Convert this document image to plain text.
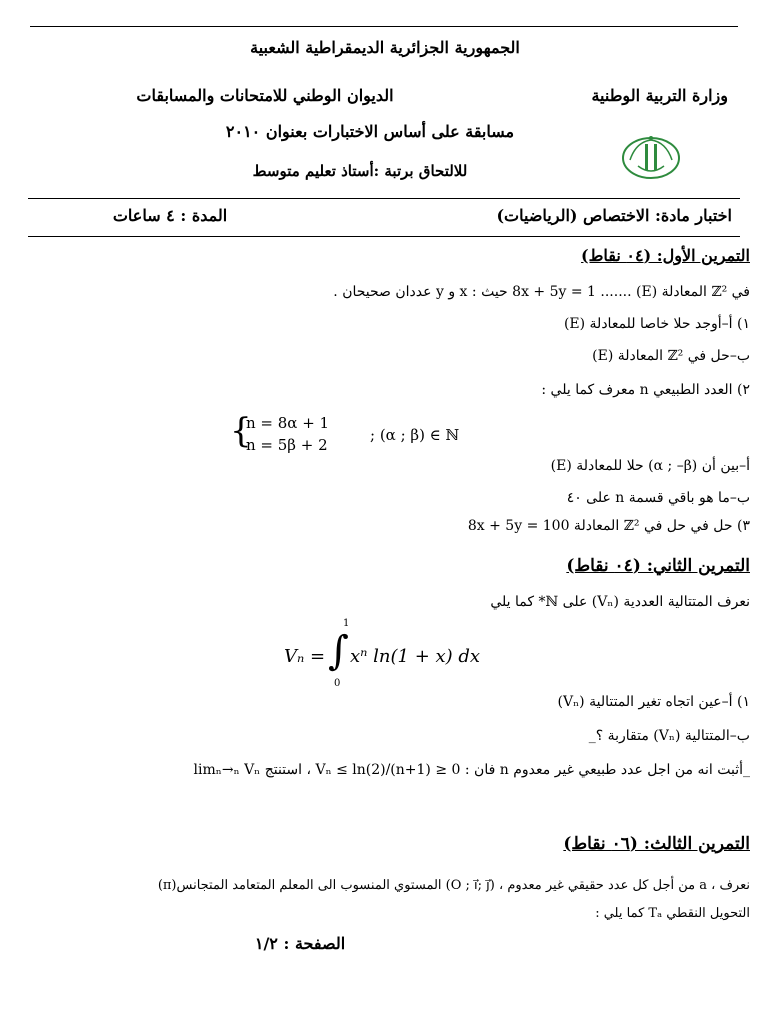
الجمهورية الجزائرية الديمقراطية الشعبية
وزارة التربية الوطنية
الديوان الوطني للامتحانات والمسابقات
مسابقة على أساس الاختبارات بعنوان ٢٠١٠
للالتحاق برتبة :أستاذ تعليم متوسط
اختبار مادة: الاختصاص (الرياضيات)
المدة : ٤ ساعات
التمرين الأول: (٠٤ نقاط)
في ℤ² المعادلة (E) ....... 8x + 5y = 1 حيث : x و y عددان صحيحان .
١) أ–أوجد حلا خاصا للمعادلة (E)
ب–حل في ℤ² المعادلة (E)
٢) العدد الطبيعي n معرف كما يلي :
{
n = 8α + 1
n = 5β + 2
; (α ; β) ∈ ℕ
أ–بين أن (α ; –β) حلا للمعادلة (E)
ب–ما هو باقي قسمة n على ٤٠
٣) حل في حل في ℤ² المعادلة 8x + 5y = 100
التمرين الثاني: (٠٤ نقاط)
نعرف المتتالية العددية (Vₙ) على ℕ* كما يلي
Vₙ = ∫
1
0
xⁿ ln(1 + x) dx
١) أ–عين اتجاه تغير المتتالية (Vₙ)
ب–المتتالية (Vₙ) متقاربة ؟_
_أثبت انه من اجل عدد طبيعي غير معدوم n فان : 0 ≤ Vₙ ≤ ln(2)/(n+1) ، استنتج limₙ→ₙ Vₙ
التمرين الثالث: (٠٦ نقاط)
(π)المستوي المنسوب الى المعلم المتعامد المتجانس (O ; i⃗; j⃗) ، من أجل كل عدد حقيقي غير معدوم a ، نعرف
التحويل النقطي Tₐ كما يلي :
الصفحة : ١/٢
